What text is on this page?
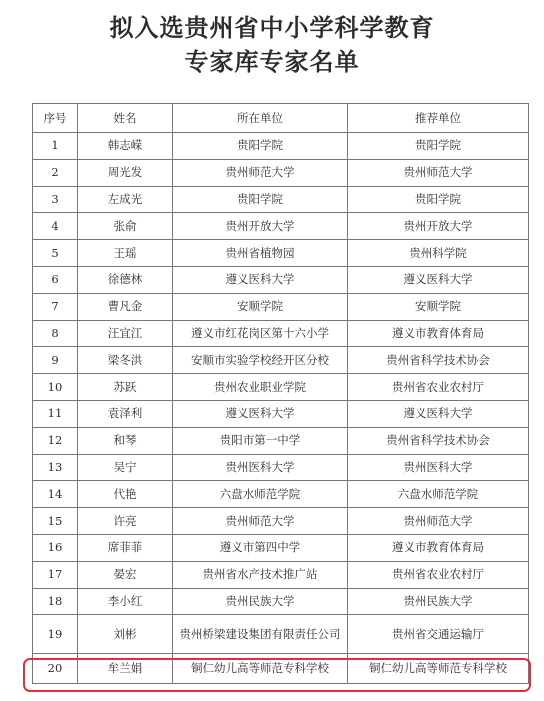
拟入选贵州省中小学科学教育
专家库专家名单
序号	姓名	所在单位	推荐单位
1	韩志嵘	贵阳学院	贵阳学院
2	周光发	贵州师范大学	贵州师范大学
3	左成光	贵阳学院	贵阳学院
4	张俞	贵州开放大学	贵州开放大学
5	王瑶	贵州省植物园	贵州科学院
6	徐德林	遵义医科大学	遵义医科大学
7	曹凡金	安顺学院	安顺学院
8	汪宜江	遵义市红花岗区第十六小学	遵义市教育体育局
9	梁冬洪	安顺市实验学校经开区分校	贵州省科学技术协会
10	苏跃	贵州农业职业学院	贵州省农业农村厅
11	袁泽利	遵义医科大学	遵义医科大学
12	和琴	贵阳市第一中学	贵州省科学技术协会
13	吴宁	贵州医科大学	贵州医科大学
14	代艳	六盘水师范学院	六盘水师范学院
15	许亮	贵州师范大学	贵州师范大学
16	席菲菲	遵义市第四中学	遵义市教育体育局
17	晏宏	贵州省水产技术推广站	贵州省农业农村厅
18	李小红	贵州民族大学	贵州民族大学
19	刘彬	贵州桥梁建设集团有限责任公司	贵州省交通运输厅
20	牟兰娟	铜仁幼儿高等师范专科学校	铜仁幼儿高等师范专科学校
